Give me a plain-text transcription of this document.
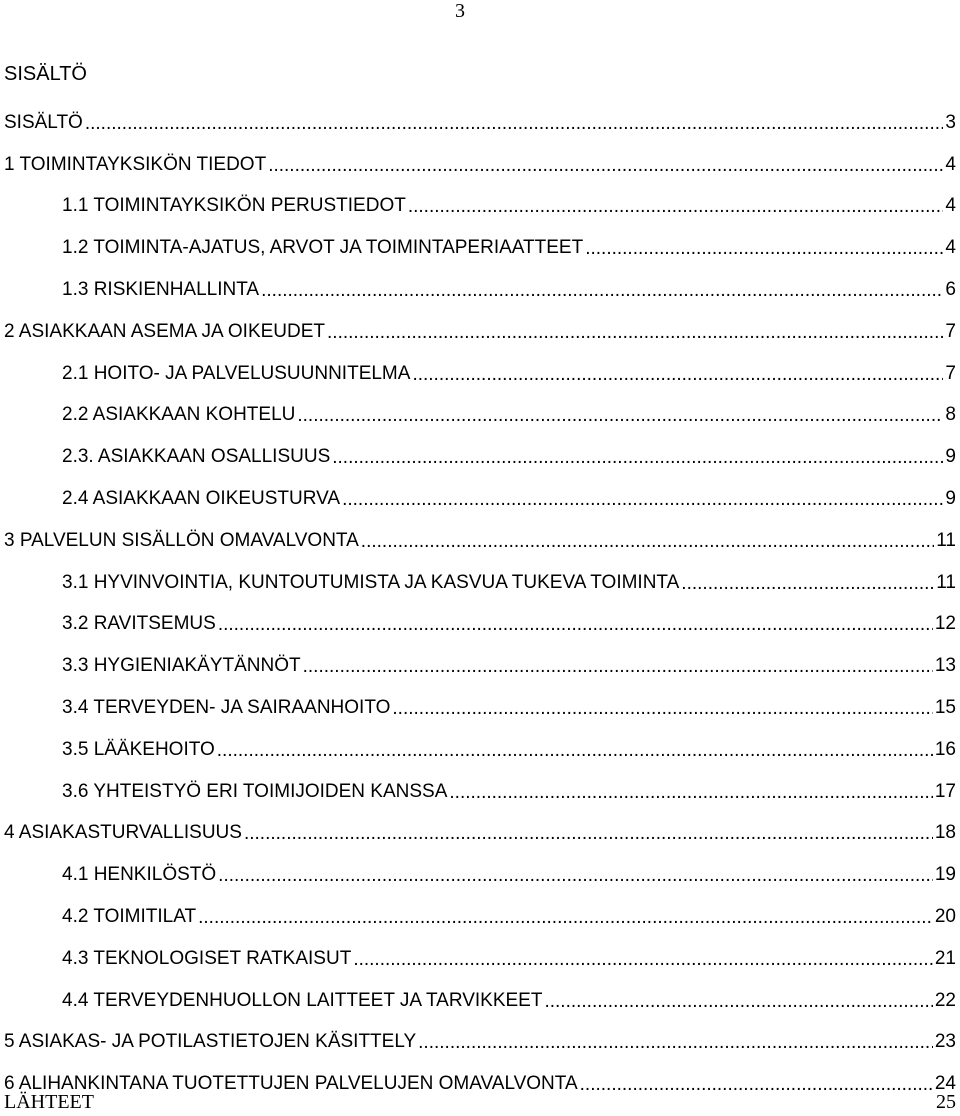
3
SISÄLTÖ
SISÄLTÖ .....	3
1 TOIMINTAYKSIKÖN TIEDOT .....	4
1.1 TOIMINTAYKSIKÖN PERUSTIEDOT .....	4
1.2 TOIMINTA-AJATUS, ARVOT JA TOIMINTAPERIAATTEET .....	4
1.3 RISKIENHALLINTA .....	6
2 ASIAKKAAN ASEMA JA OIKEUDET .....	7
2.1 HOITO- JA PALVELUSUUNNITELMA .....	7
2.2 ASIAKKAAN KOHTELU .....	8
2.3. ASIAKKAAN OSALLISUUS .....	9
2.4 ASIAKKAAN OIKEUSTURVA .....	9
3 PALVELUN SISÄLLÖN OMAVALVONTA .....	11
3.1 HYVINVOINTIA, KUNTOUTUMISTA JA KASVUA TUKEVA TOIMINTA .....	11
3.2 RAVITSEMUS .....	12
3.3 HYGIENIAKÄYTÄNNÖT .....	13
3.4 TERVEYDEN- JA SAIRAANHOITO .....	15
3.5 LÄÄKEHOITO .....	16
3.6 YHTEISTYÖ ERI TOIMIJOIDEN KANSSA .....	17
4 ASIAKASTURVALLISUUS .....	18
4.1 HENKILÖSTÖ .....	19
4.2 TOIMITILAT .....	20
4.3 TEKNOLOGISET RATKAISUT .....	21
4.4 TERVEYDENHUOLLON LAITTEET JA TARVIKKEET .....	22
5 ASIAKAS- JA POTILASTIETOJEN KÄSITTELY .....	23
6 ALIHANKINTANA TUOTETTUJEN PALVELUJEN OMAVALVONTA .....	24
LÄHTEET	25
